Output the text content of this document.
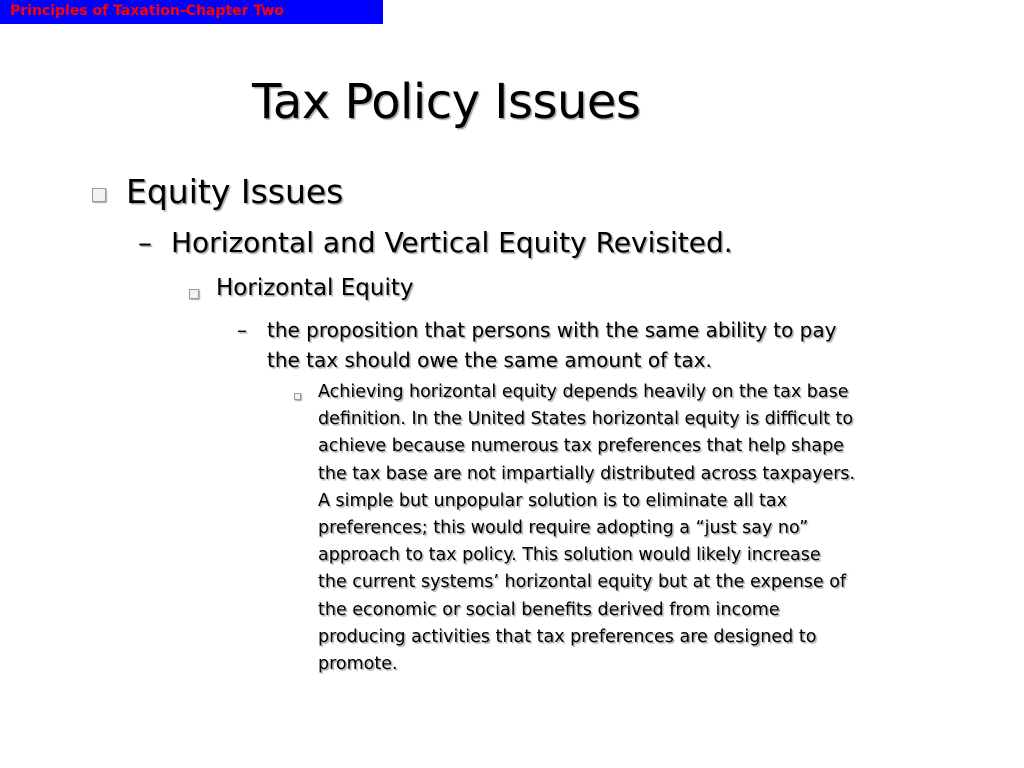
Principles of Taxation-Chapter Two
Tax Policy Issues
Equity Issues
– Horizontal and Vertical Equity Revisited.
Horizontal Equity
– the proposition that persons with the same ability to pay
the tax should owe the same amount of tax.
Achieving horizontal equity depends heavily on the tax base
definition. In the United States horizontal equity is difficult to
achieve because numerous tax preferences that help shape
the tax base are not impartially distributed across taxpayers.
A simple but unpopular solution is to eliminate all tax
preferences; this would require adopting a “just say no”
approach to tax policy. This solution would likely increase
the current systems’ horizontal equity but at the expense of
the economic or social benefits derived from income
producing activities that tax preferences are designed to
promote.
